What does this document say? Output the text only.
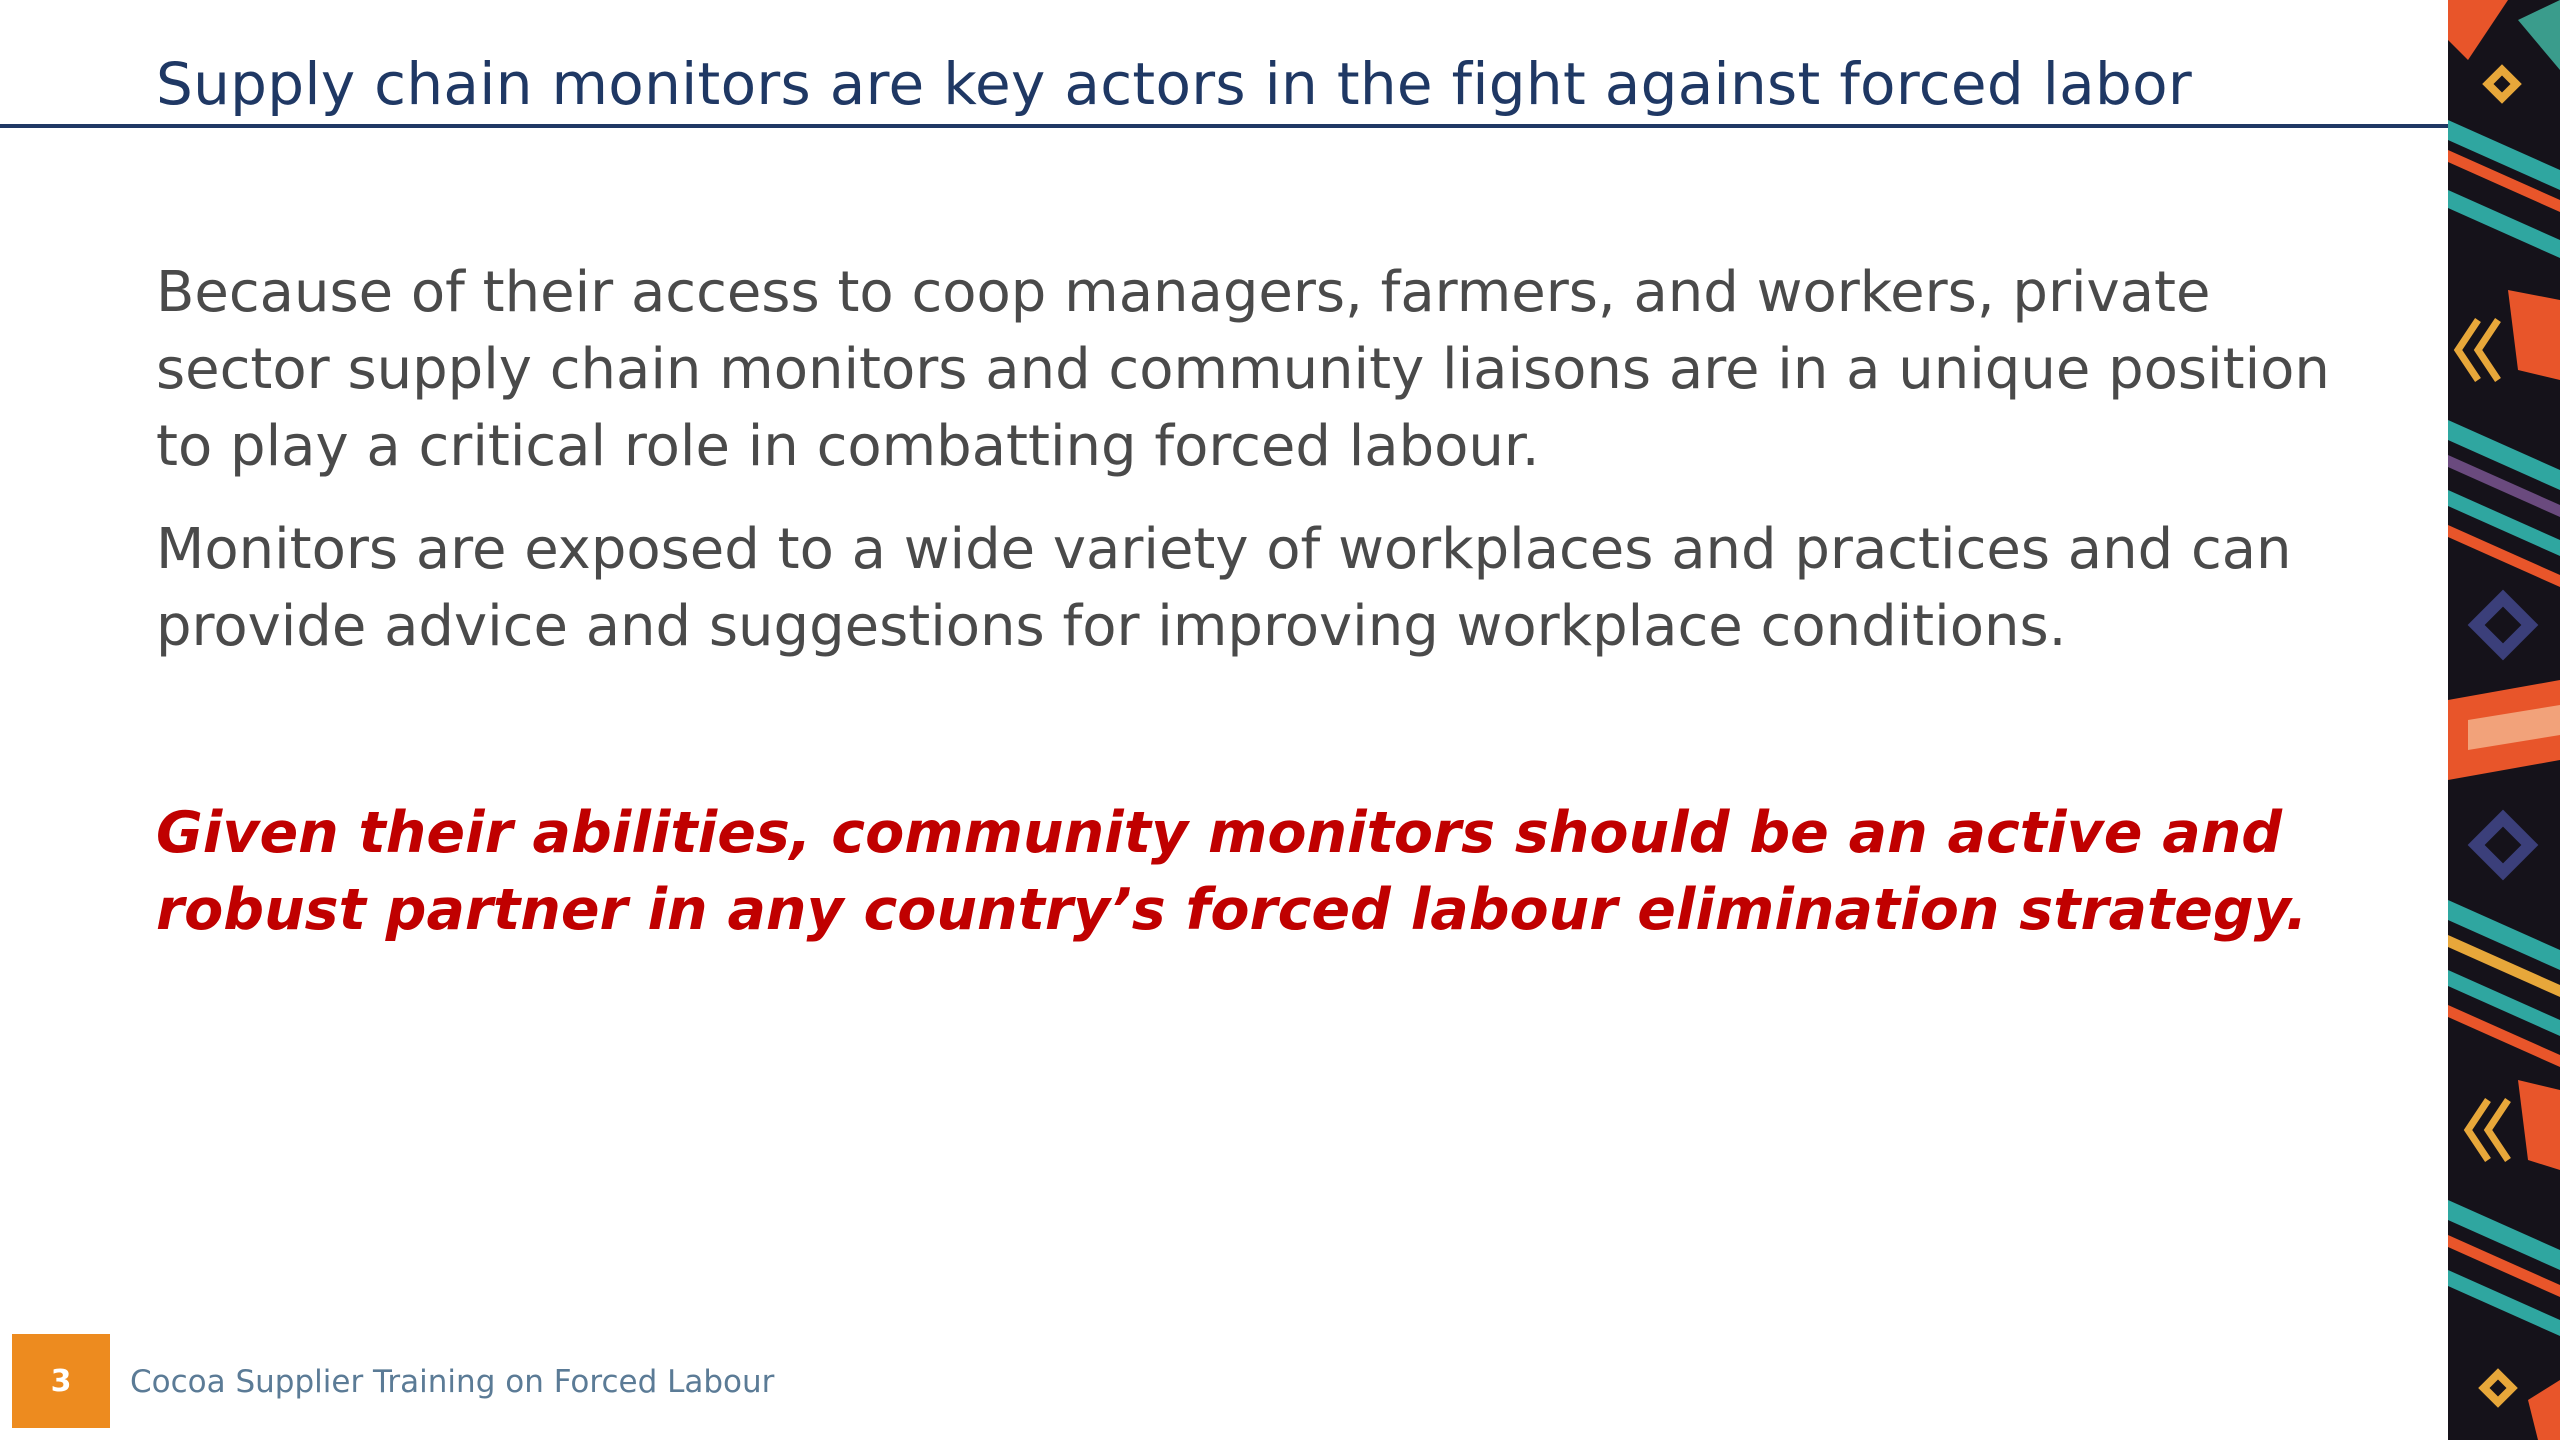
Supply chain monitors are key actors in the fight against forced labor
Because of their access to coop managers, farmers, and workers, private sector supply chain monitors and community liaisons are in a unique position to play a critical role in combatting forced labour.
Monitors are exposed to a wide variety of workplaces and practices and can provide advice and suggestions for improving workplace conditions.
Given their abilities, community monitors should be an active and robust partner in any country’s forced labour elimination strategy.
3	Cocoa Supplier Training on Forced Labour
